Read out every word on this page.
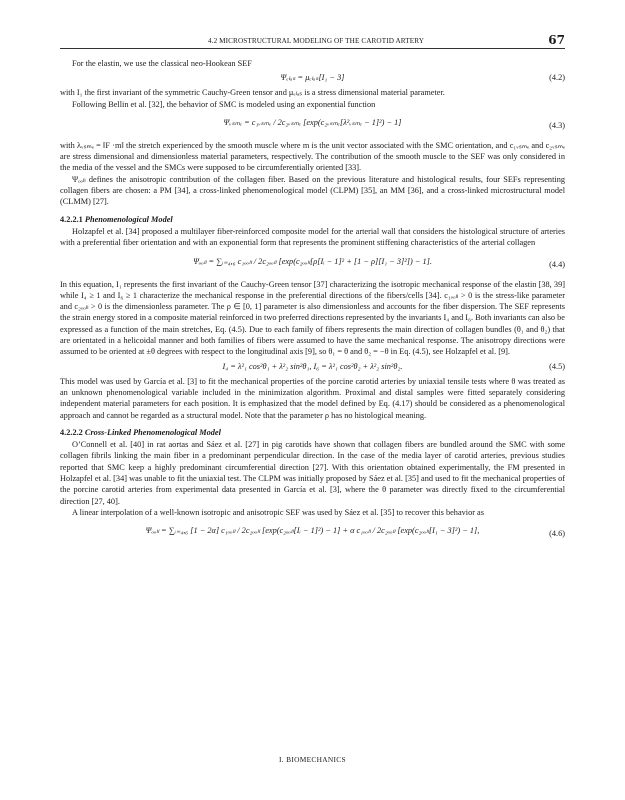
4.2 MICROSTRUCTURAL MODELING OF THE CAROTID ARTERY	67

For the elastin, we use the classical neo-Hookean SEF

Ψₑₗₐₛ = μₑₗₐₛ[I₁ − 3]	(4.2)

with I₁ the first invariant of the symmetric Cauchy-Green tensor and μₑₗₐₛ is a stress dimensional material parameter.

Following Bellin et al. [32], the behavior of SMC is modeled using an exponential function

Ψᵥₛₘₑ = c₁ᵥₛₘₑ / 2c₂ᵥₛₘₑ [exp(c₂ᵥₛₘₑ[λ²ᵥₛₘₑ − 1]²) − 1]	(4.3)

with λᵥₛₘₑ = ‖F ·m‖ the stretch experienced by the smooth muscle where m is the unit vector associated with the SMC orientation, and c₁ᵥₛₘₑ and c₂ᵥₛₘₑ are stress dimensional and dimensionless material parameters, respectively. The contribution of the smooth muscle to the SEF was only considered in the media of the vessel and the SMCs were supposed to be circumferentially oriented [33].

Ψₒₒₗₗ defines the anisotropic contribution of the collagen fiber. Based on the previous literature and histological results, four SEFs representing collagen fibers are chosen: a PM [34], a cross-linked phenomenological model (CLPM) [35], an MM [36], and a cross-linked microstructural model (CLMM) [27].

4.2.2.1 Phenomenological Model

Holzapfel et al. [34] proposed a multilayer fiber-reinforced composite model for the arterial wall that considers the histological structure of arteries with a preferential fiber orientation and with an exponential form that represents the prominent stiffening characteristics of the arterial collagen

Ψₒₒₗₗ = ∑ᵢ₌₄,₆ c₁ₒₒₗₗ / 2c₂ₒₒₗₗ [exp(c₂ₒₒₗₗ[ρ[Iᵢ − 1]² + [1 − ρ][I₁ − 3]²]) − 1].	(4.4)

In this equation, I₁ represents the first invariant of the Cauchy-Green tensor [37] characterizing the isotropic mechanical response of the elastin [38, 39] while I₄ ≥ 1 and I₆ ≥ 1 characterize the mechanical response in the preferential directions of the fibers/cells [34]. c₁ₒₒₗₗ > 0 is the stress-like parameter and c₂ₒₒₗₗ > 0 is the dimensionless parameter. The ρ ∈ [0, 1] parameter is also dimensionless and accounts for the fiber dispersion. The SEF represents the strain energy stored in a composite material reinforced in two preferred directions represented by the invariants I₄ and I₆. Both invariants can also be expressed as a function of the main stretches, Eq. (4.5). Due to each family of fibers represents the main direction of collagen bundles (θ₁ and θ₂) that are orientated in a helicoidal manner and both families of fibers were assumed to have the same mechanical response. The anisotropy directions were assumed to be oriented at ±θ degrees with respect to the longitudinal axis [9], so θ₁ = θ and θ₂ = −θ in Eq. (4.5), see Holzapfel et al. [9].

I₄ = λ²₁ cos²θ₁ + λ²₂ sin²θ₁, I₆ = λ²₁ cos²θ₂ + λ²₂ sin²θ₂.	(4.5)

This model was used by García et al. [3] to fit the mechanical properties of the porcine carotid arteries by uniaxial tensile tests where θ was treated as an unknown phenomenological variable included in the minimization algorithm. Proximal and distal samples were fitted separately considering independent material parameters for each position. It is emphasized that the model defined by Eq. (4.17) should be considered as a phenomenological approach and cannot be regarded as a structural model. Note that the parameter ρ has no histological meaning.

4.2.2.2 Cross-Linked Phenomenological Model

O’Connell et al. [40] in rat aortas and Sáez et al. [27] in pig carotids have shown that collagen fibers are bundled around the SMC with some collagen fibrils linking the main fiber in a predominant perpendicular direction. In the case of the media layer of carotid arteries, previous studies reported that SMC keep a highly predominant circumferential direction [27]. With this orientation obtained experimentally, the FM presented in Holzapfel et al. [34] was unable to fit the uniaxial test. The CLPM was initially proposed by Sáez et al. [35] and used to fit the mechanical properties of the porcine carotid arteries from experimental data presented in García et al. [3], where the θ parameter was directly fixed to the circumferential direction [27, 40].

A linear interpolation of a well-known isotropic and anisotropic SEF was used by Sáez et al. [35] to recover this behavior as

Ψₒₒₗₗ = ∑ᵢ₌₄,₆ [1 − 2α] c₁ₒₒₗₗ / 2c₂ₒₒₗₗ [exp(c₂ₒₒₗₗ[Iᵢ − 1]²) − 1] + α c₁ₒₒₗₗ / 2c₂ₒₒₗₗ [exp(c₂ₒₒₗₗ[I₁ − 3]²) − 1],	(4.6)
I. BIOMECHANICS
